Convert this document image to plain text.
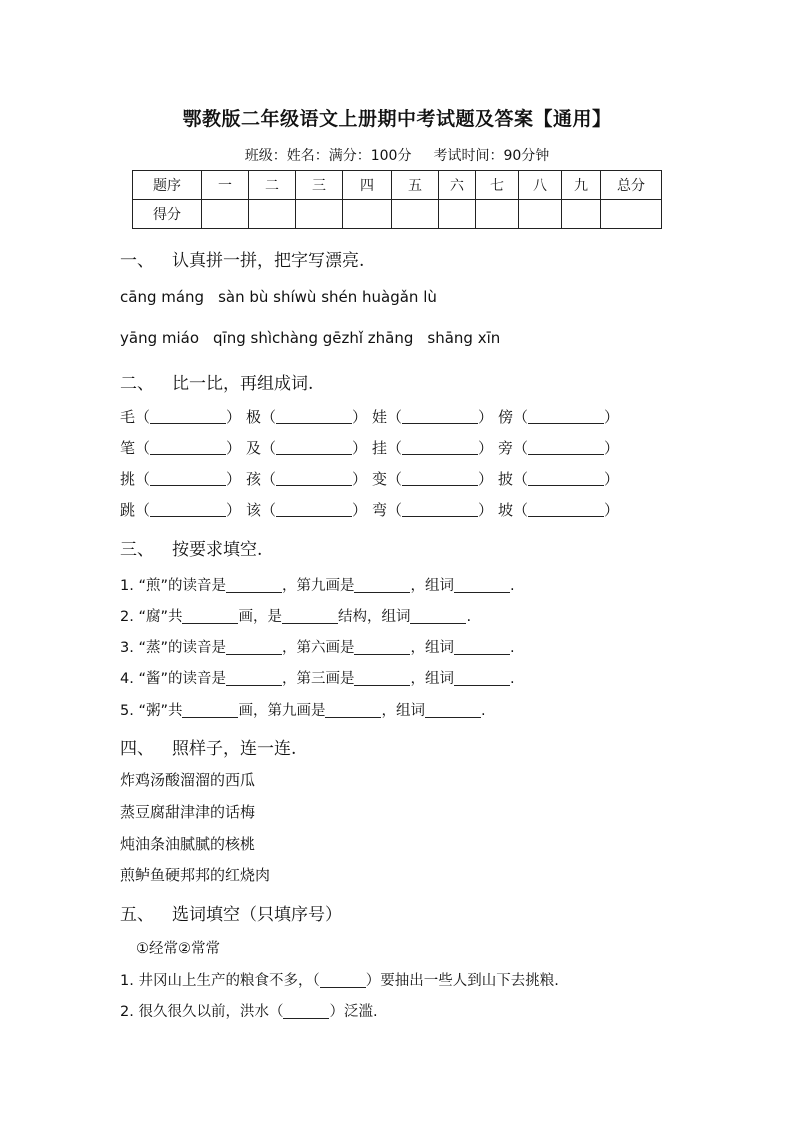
鄂教版二年级语文上册期中考试题及答案【通用】
班级：姓名：满分：100分 考试时间：90分钟
题序	一	二	三	四	五	六	七	八	九	总分
得分										
一、 认真拼一拼，把字写漂亮.
cāng máng sàn bù shíwù shén huàgǎn lù
yāng miáo qīng shìchàng gēzhǐ zhāng shāng xīn
二、 比一比，再组成词.
毛（	） 极（	） 娃（	） 傍（	）
笔（	） 及（	） 挂（	） 旁（	）
挑（	） 孩（	） 变（	） 披（	）
跳（	） 该（	） 弯（	） 坡（	）
三、 按要求填空.
1. “煎”的读音是	，第九画是	，组词	.
2. “腐”共	画，是	结构，组词	.
3. “蒸”的读音是	，第六画是	，组词	.
4. “酱”的读音是	，第三画是	，组词	.
5. “粥”共	画，第九画是	，组词	.
四、 照样子，连一连.
炸鸡汤酸溜溜的西瓜
蒸豆腐甜津津的话梅
炖油条油腻腻的核桃
煎鲈鱼硬邦邦的红烧肉
五、 选词填空（只填序号）
①经常②常常
1. 井冈山上生产的粮食不多，（	）要抽出一些人到山下去挑粮.
2. 很久很久以前，洪水（	）泛滥.
